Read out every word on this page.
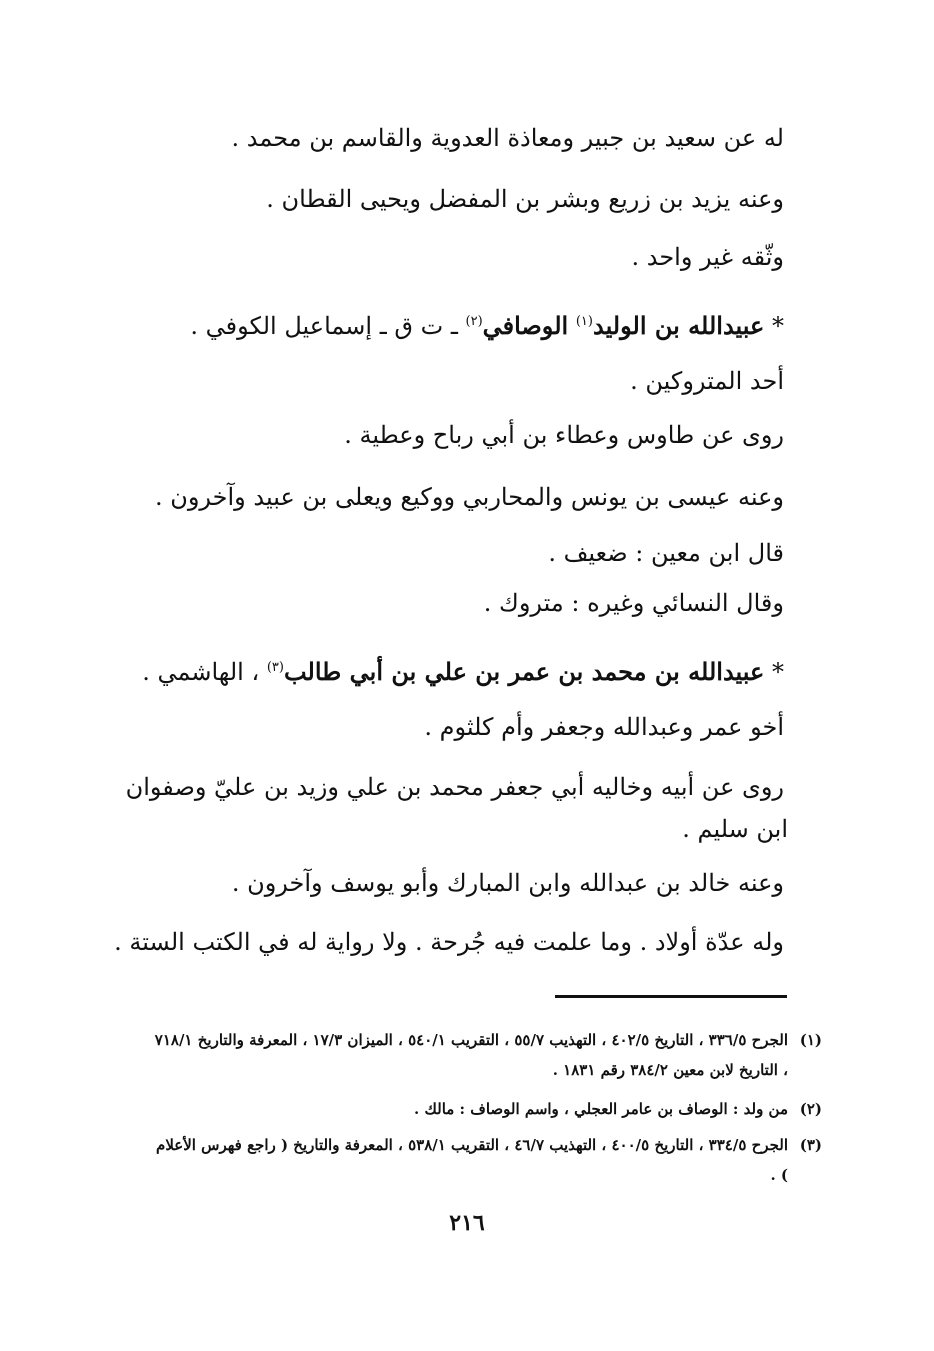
له عن سعيد بن جبير ومعاذة العدوية والقاسم بن محمد .
وعنه يزيد بن زريع وبشر بن المفضل ويحيى القطان .
وثّقه غير واحد .
* عبيدالله بن الوليد$^{(١)}$ الوصافي$^{(٢)}$ ـ ت ق ـ إسماعيل الكوفي .
أحد المتروكين .
روى عن طاوس وعطاء بن أبي رباح وعطية .
وعنه عيسى بن يونس والمحاربي ووكيع ويعلى بن عبيد وآخرون .
قال ابن معين : ضعيف .
وقال النسائي وغيره : متروك .
* عبيدالله بن محمد بن عمر بن علي بن أبي طالب$^{(٣)}$ ، الهاشمي .
أخو عمر وعبدالله وجعفر وأم كلثوم .
روى عن أبيه وخاليه أبي جعفر محمد بن علي وزيد بن عليّ وصفوان
ابن سليم .
وعنه خالد بن عبدالله وابن المبارك وأبو يوسف وآخرون .
وله عدّة أولاد . وما علمت فيه جُرحة . ولا رواية له في الكتب الستة .
(١)
الجرح ٣٣٦/٥ ، التاريخ ٤٠٢/٥ ، التهذيب ٥٥/٧ ، التقريب ٥٤٠/١ ، الميزان ١٧/٣ ، المعرفة والتاريخ ٧١٨/١ ، التاريخ لابن معين ٣٨٤/٢ رقم ١٨٣١ .
(٢)
من ولد : الوصاف بن عامر العجلي ، واسم الوصاف : مالك .
(٣)
الجرح ٣٣٤/٥ ، التاريخ ٤٠٠/٥ ، التهذيب ٤٦/٧ ، التقريب ٥٣٨/١ ، المعرفة والتاريخ ( راجع فهرس الأعلام ) .
٢١٦
